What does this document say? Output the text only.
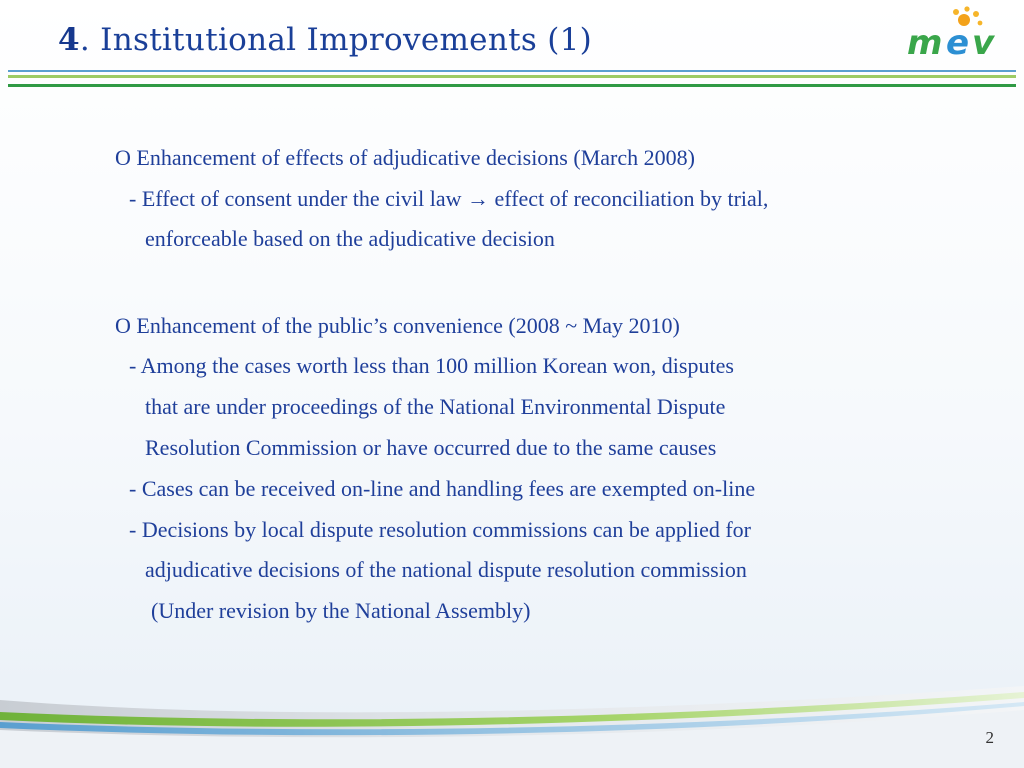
4. Institutional Improvements (1)	m e v
O Enhancement of effects of adjudicative decisions (March 2008)
- Effect of consent under the civil law → effect of reconciliation by trial,
enforceable based on the adjudicative decision
O Enhancement of the public’s convenience (2008 ~ May 2010)
- Among the cases worth less than 100 million Korean won, disputes
that are under proceedings of the National Environmental Dispute
Resolution Commission or have occurred due to the same causes
- Cases can be received on-line and handling fees are exempted on-line
- Decisions by local dispute resolution commissions can be applied for
adjudicative decisions of the national dispute resolution commission
(Under revision by the National Assembly)
2
